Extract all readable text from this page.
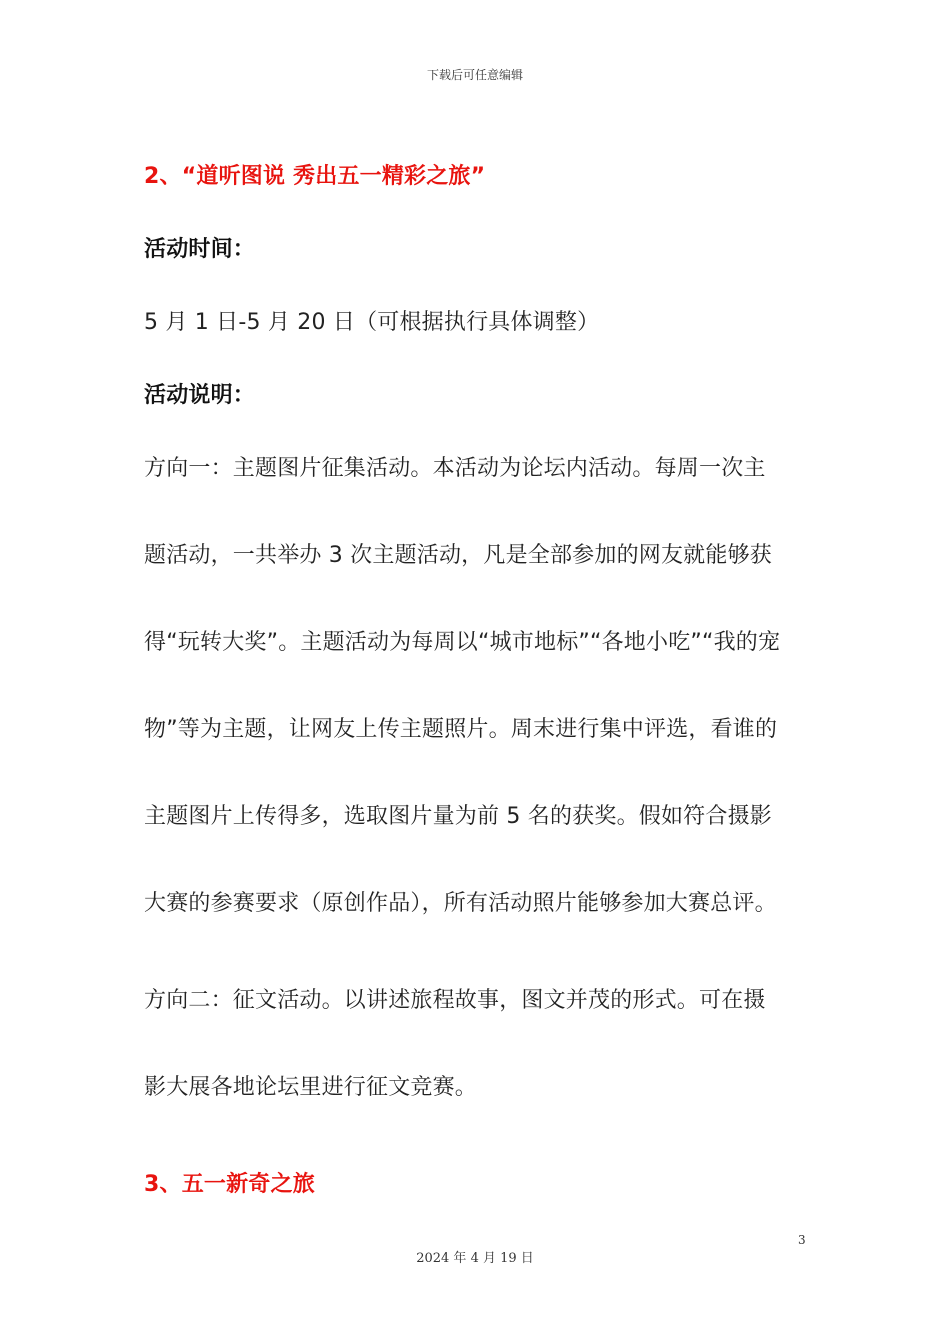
下载后可任意编辑
2、“道听图说 秀出五一精彩之旅”
活动时间：
5 月 1 日-5 月 20 日（可根据执行具体调整）
活动说明：
方向一：主题图片征集活动。本活动为论坛内活动。每周一次主
题活动，一共举办 3 次主题活动，凡是全部参加的网友就能够获
得“玩转大奖”。主题活动为每周以“城市地标”“各地小吃”“我的宠
物”等为主题，让网友上传主题照片。周末进行集中评选，看谁的
主题图片上传得多，选取图片量为前 5 名的获奖。假如符合摄影
大赛的参赛要求（原创作品），所有活动照片能够参加大赛总评。
方向二：征文活动。以讲述旅程故事，图文并茂的形式。可在摄
影大展各地论坛里进行征文竞赛。
3、五一新奇之旅
3
2024 年 4 月 19 日
